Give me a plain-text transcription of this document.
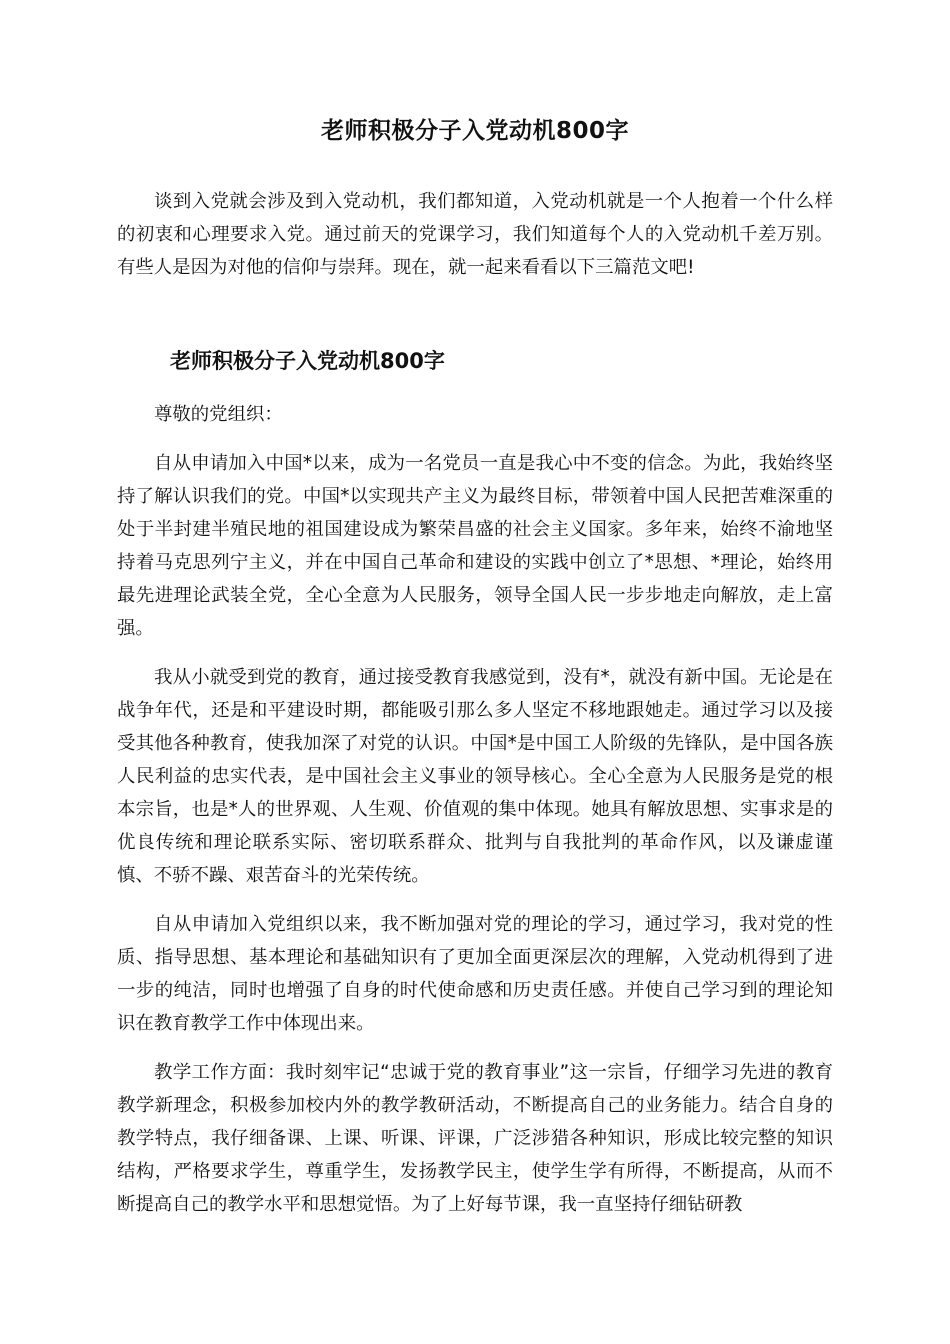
老师积极分子入党动机800字

谈到入党就会涉及到入党动机，我们都知道，入党动机就是一个人抱着一个什么样的初衷和心理要求入党。通过前天的党课学习，我们知道每个人的入党动机千差万别。有些人是因为对他的信仰与崇拜。现在，就一起来看看以下三篇范文吧!

老师积极分子入党动机800字

尊敬的党组织：

自从申请加入中国*以来，成为一名党员一直是我心中不变的信念。为此，我始终坚持了解认识我们的党。中国*以实现共产主义为最终目标，带领着中国人民把苦难深重的处于半封建半殖民地的祖国建设成为繁荣昌盛的社会主义国家。多年来，始终不渝地坚持着马克思列宁主义，并在中国自己革命和建设的实践中创立了*思想、*理论，始终用最先进理论武装全党，全心全意为人民服务，领导全国人民一步步地走向解放，走上富强。

我从小就受到党的教育，通过接受教育我感觉到，没有*，就没有新中国。无论是在战争年代，还是和平建设时期，都能吸引那么多人坚定不移地跟她走。通过学习以及接受其他各种教育，使我加深了对党的认识。中国*是中国工人阶级的先锋队，是中国各族人民利益的忠实代表，是中国社会主义事业的领导核心。全心全意为人民服务是党的根本宗旨，也是*人的世界观、人生观、价值观的集中体现。她具有解放思想、实事求是的优良传统和理论联系实际、密切联系群众、批判与自我批判的革命作风，以及谦虚谨慎、不骄不躁、艰苦奋斗的光荣传统。

自从申请加入党组织以来，我不断加强对党的理论的学习，通过学习，我对党的性质、指导思想、基本理论和基础知识有了更加全面更深层次的理解，入党动机得到了进一步的纯洁，同时也增强了自身的时代使命感和历史责任感。并使自己学习到的理论知识在教育教学工作中体现出来。

教学工作方面：我时刻牢记“忠诚于党的教育事业”这一宗旨，仔细学习先进的教育教学新理念，积极参加校内外的教学教研活动，不断提高自己的业务能力。结合自身的教学特点，我仔细备课、上课、听课、评课，广泛涉猎各种知识，形成比较完整的知识结构，严格要求学生，尊重学生，发扬教学民主，使学生学有所得，不断提高，从而不断提高自己的教学水平和思想觉悟。为了上好每节课，我一直坚持仔细钻研教
